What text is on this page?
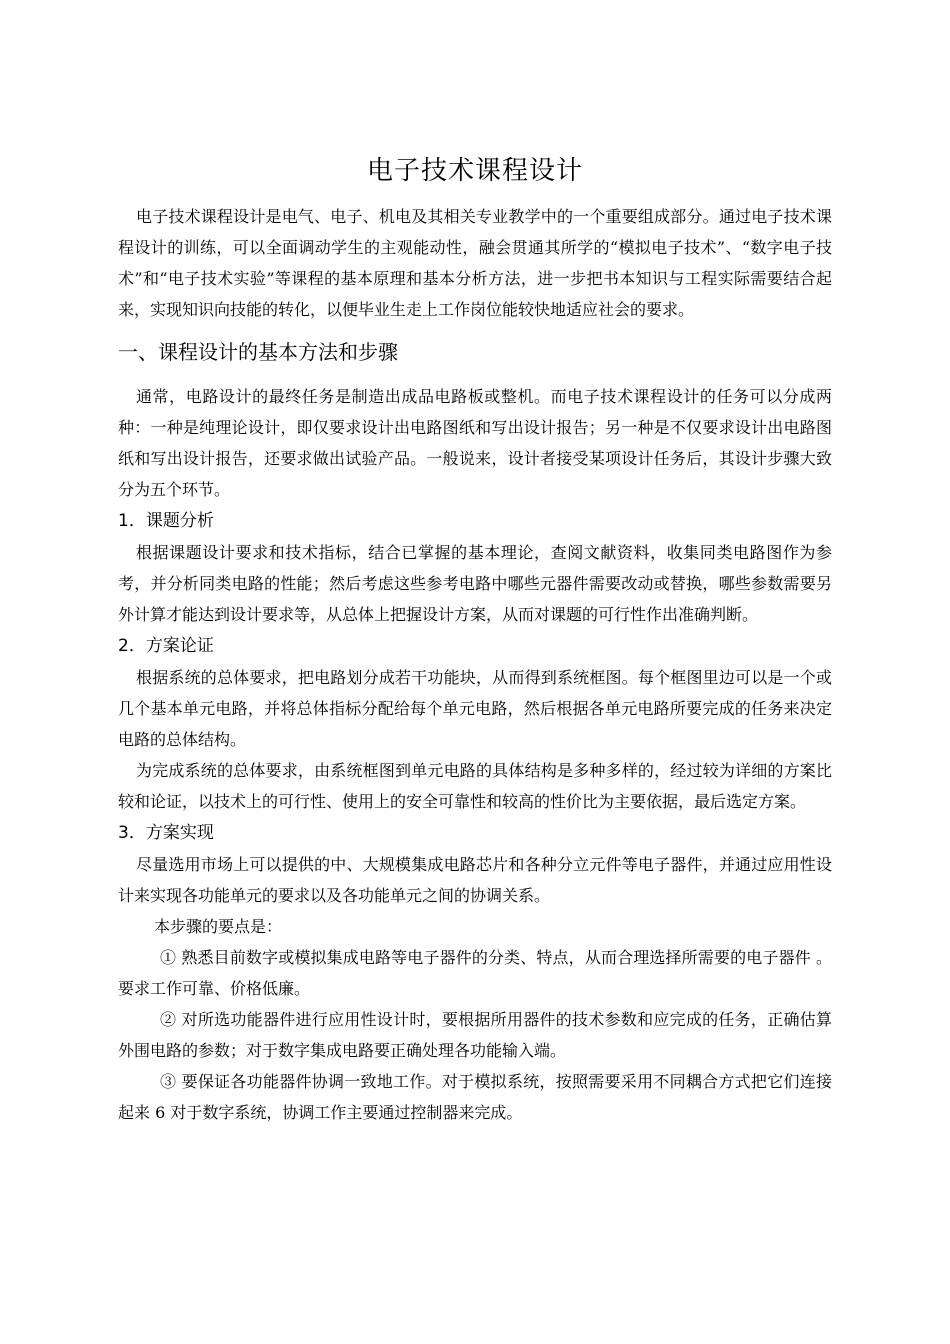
电子技术课程设计

电子技术课程设计是电气、电子、机电及其相关专业教学中的一个重要组成部分。通过电子技术课程设计的训练，可以全面调动学生的主观能动性，融会贯通其所学的“模拟电子技术”、“数字电子技术”和“电子技术实验”等课程的基本原理和基本分析方法，进一步把书本知识与工程实际需要结合起来，实现知识向技能的转化，以便毕业生走上工作岗位能较快地适应社会的要求。

一、课程设计的基本方法和步骤

通常，电路设计的最终任务是制造出成品电路板或整机。而电子技术课程设计的任务可以分成两种：一种是纯理论设计，即仅要求设计出电路图纸和写出设计报告；另一种是不仅要求设计出电路图纸和写出设计报告，还要求做出试验产品。一般说来，设计者接受某项设计任务后，其设计步骤大致分为五个环节。

1．课题分析

根据课题设计要求和技术指标，结合已掌握的基本理论，查阅文献资料，收集同类电路图作为参考，并分析同类电路的性能；然后考虑这些参考电路中哪些元器件需要改动或替换，哪些参数需要另外计算才能达到设计要求等，从总体上把握设计方案，从而对课题的可行性作出准确判断。

2．方案论证

根据系统的总体要求，把电路划分成若干功能块，从而得到系统框图。每个框图里边可以是一个或几个基本单元电路，并将总体指标分配给每个单元电路，然后根据各单元电路所要完成的任务来决定电路的总体结构。

为完成系统的总体要求，由系统框图到单元电路的具体结构是多种多样的，经过较为详细的方案比较和论证，以技术上的可行性、使用上的安全可靠性和较高的性价比为主要依据，最后选定方案。

3．方案实现

尽量选用市场上可以提供的中、大规模集成电路芯片和各种分立元件等电子器件，并通过应用性设计来实现各功能单元的要求以及各功能单元之间的协调关系。

本步骤的要点是：

① 熟悉目前数字或模拟集成电路等电子器件的分类、特点，从而合理选择所需要的电子器件 。要求工作可靠、价格低廉。

② 对所选功能器件进行应用性设计时，要根据所用器件的技术参数和应完成的任务，正确估算外围电路的参数；对于数字集成电路要正确处理各功能输入端。

③ 要保证各功能器件协调一致地工作。对于模拟系统，按照需要采用不同耦合方式把它们连接起来 6 对于数字系统，协调工作主要通过控制器来完成。
